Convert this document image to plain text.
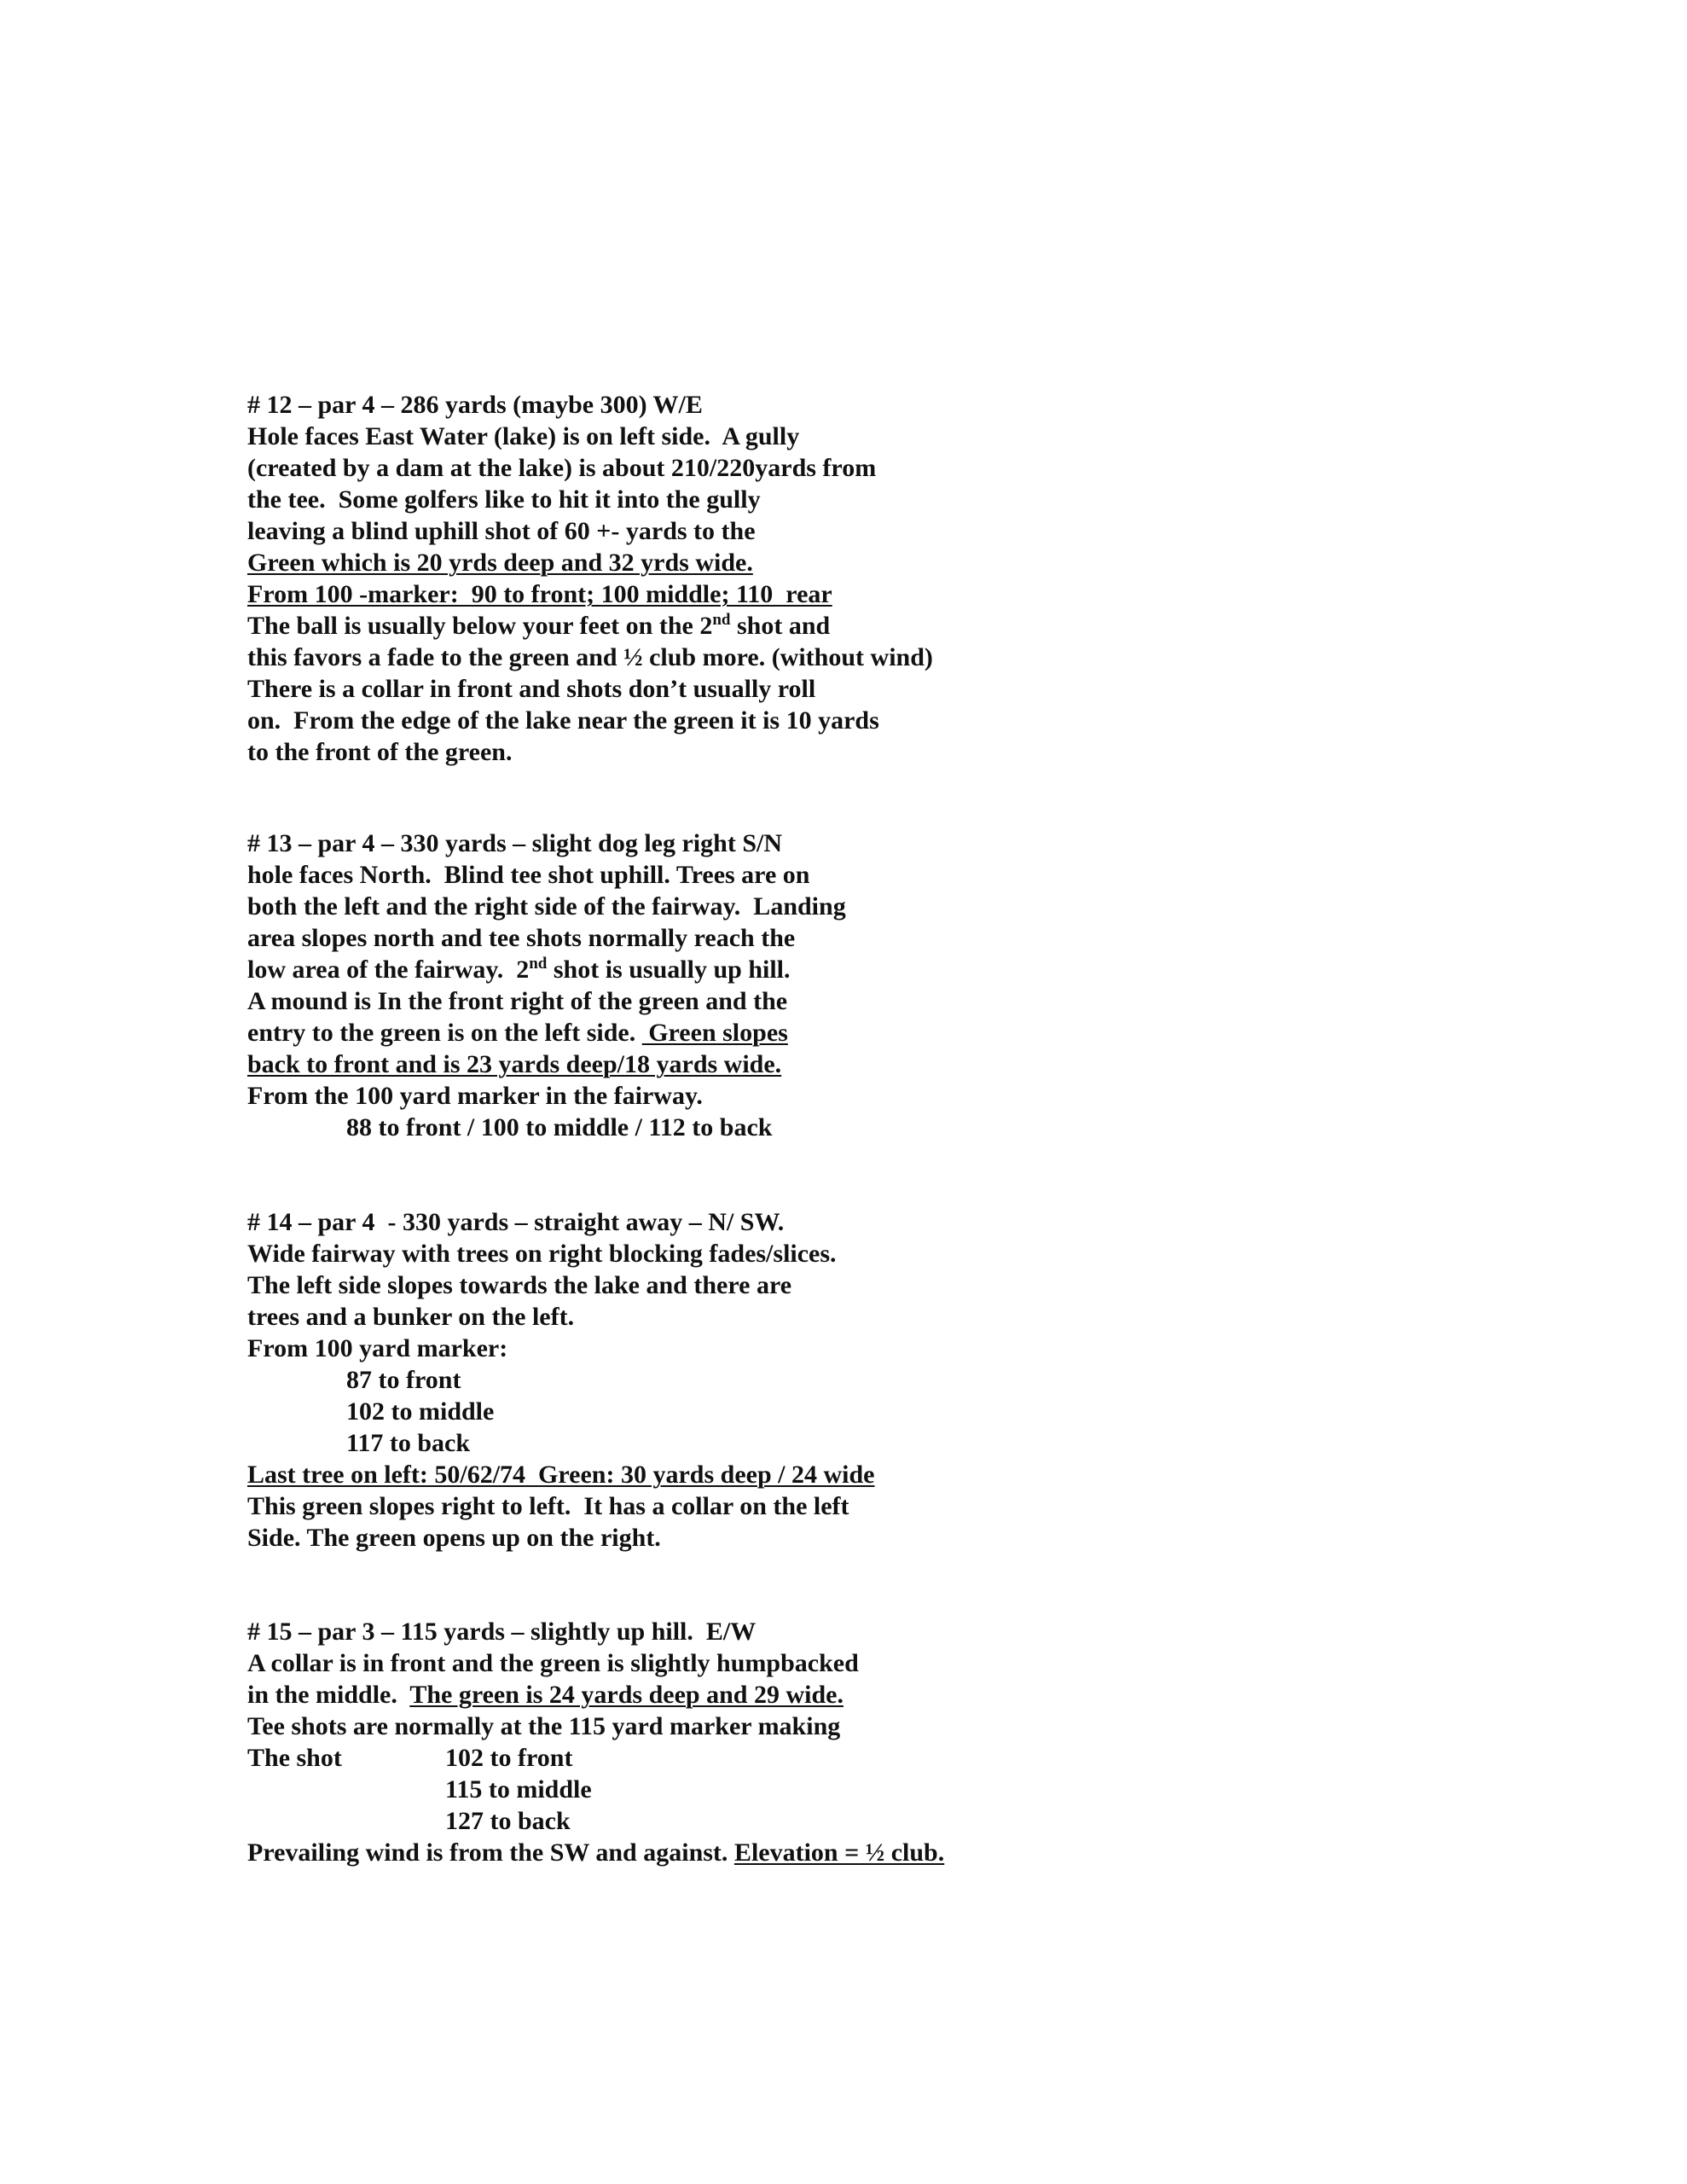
# 12 – par 4 – 286 yards (maybe 300) W/E
Hole faces East Water (lake) is on left side.  A gully
(created by a dam at the lake) is about 210/220yards from
the tee.  Some golfers like to hit it into the gully
leaving a blind uphill shot of 60 +- yards to the
Green which is 20 yrds deep and 32 yrds wide.
From 100 -marker:  90 to front; 100 middle; 110  rear
The ball is usually below your feet on the 2nd shot and
this favors a fade to the green and ½ club more. (without wind)
There is a collar in front and shots don’t usually roll
on.  From the edge of the lake near the green it is 10 yards
to the front of the green.
# 13 – par 4 – 330 yards – slight dog leg right S/N
hole faces North.  Blind tee shot uphill. Trees are on
both the left and the right side of the fairway.  Landing
area slopes north and tee shots normally reach the
low area of the fairway.  2nd shot is usually up hill.
A mound is In the front right of the green and the
entry to the green is on the left side.  Green slopes
back to front and is 23 yards deep/18 yards wide.
From the 100 yard marker in the fairway.
88 to front / 100 to middle / 112 to back
# 14 – par 4  - 330 yards – straight away – N/ SW.
Wide fairway with trees on right blocking fades/slices.
The left side slopes towards the lake and there are
trees and a bunker on the left.
From 100 yard marker:
87 to front
102 to middle
117 to back
Last tree on left: 50/62/74  Green: 30 yards deep / 24 wide
This green slopes right to left.  It has a collar on the left
Side. The green opens up on the right.
# 15 – par 3 – 115 yards – slightly up hill.  E/W
A collar is in front and the green is slightly humpbacked
in the middle.  The green is 24 yards deep and 29 wide.
Tee shots are normally at the 115 yard marker making
The shot	102 to front
115 to middle
127 to back
Prevailing wind is from the SW and against. Elevation = ½ club.
